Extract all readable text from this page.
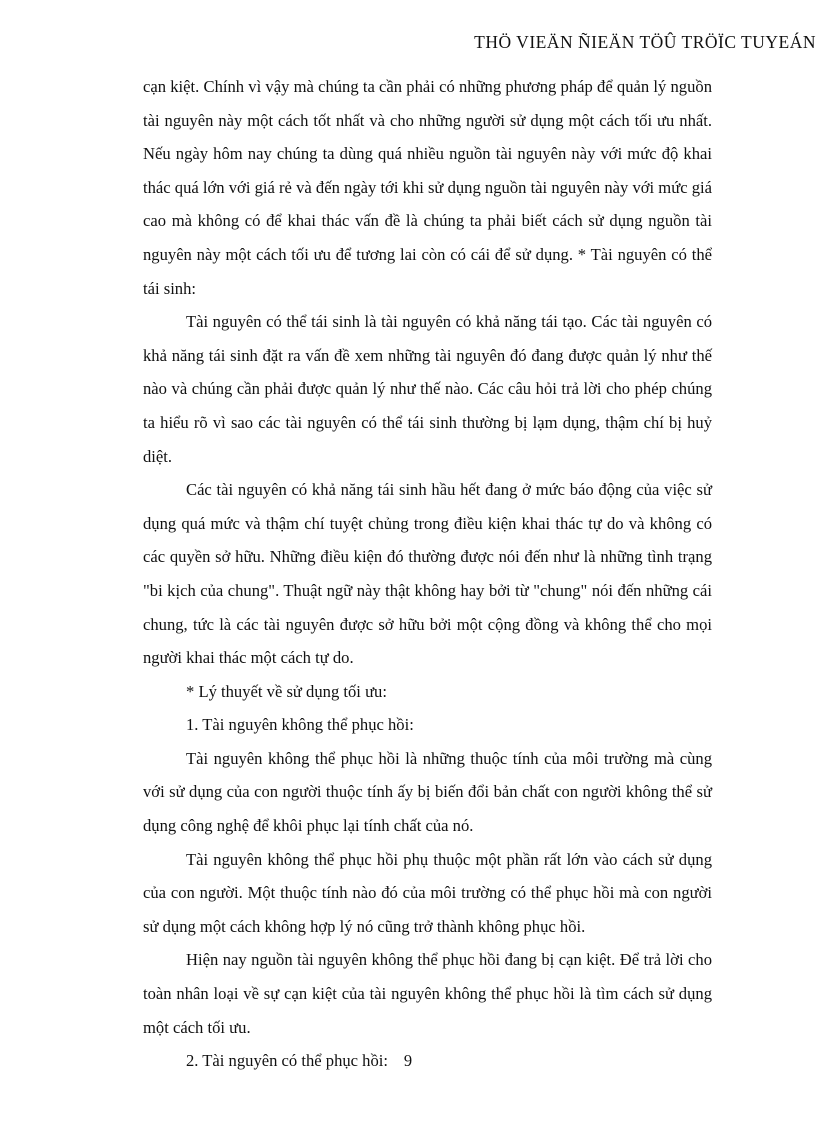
THÖ VIEÄN ÑIEÄN TÖÛ TRÖÏC TUYEÁN

cạn kiệt. Chính vì vậy mà chúng ta cần phải có những phương pháp để quản lý nguồn tài nguyên này một cách tốt nhất và cho những người sử dụng một cách tối ưu nhất. Nếu ngày hôm nay chúng ta dùng quá nhiều nguồn tài nguyên này với mức độ khai thác quá lớn với giá rẻ và đến ngày tới khi sử dụng nguồn tài nguyên này với mức giá cao mà không có để khai thác vấn đề là chúng ta phải biết cách sử dụng nguồn tài nguyên này một cách tối ưu để tương lai còn có cái để sử dụng. * Tài nguyên có thể tái sinh:

Tài nguyên có thể tái sinh là tài nguyên có khả năng tái tạo. Các tài nguyên có khả năng tái sinh đặt ra vấn đề xem những tài nguyên đó đang được quản lý như thế nào và chúng cần phải được quản lý như thế nào. Các câu hỏi trả lời cho phép chúng ta hiểu rõ vì sao các tài nguyên có thể tái sinh thường bị lạm dụng, thậm chí bị huỷ diệt.

Các tài nguyên có khả năng tái sinh hầu hết đang ở mức báo động của việc sử dụng quá mức và thậm chí tuyệt chủng trong điều kiện khai thác tự do và không có các quyền sở hữu. Những điều kiện đó thường được nói đến như là những tình trạng "bi kịch của chung". Thuật ngữ này thật không hay bởi từ "chung" nói đến những cái chung, tức là các tài nguyên được sở hữu bởi một cộng đồng và không thể cho mọi người khai thác một cách tự do.

* Lý thuyết về sử dụng tối ưu:

1. Tài nguyên không thể phục hồi:

Tài nguyên không thể phục hồi là những thuộc tính của môi trường mà cùng với sử dụng của con người thuộc tính ấy bị biến đổi bản chất con người không thể sử dụng công nghệ để khôi phục lại tính chất của nó.

Tài nguyên không thể phục hồi phụ thuộc một phần rất lớn vào cách sử dụng của con người. Một thuộc tính nào đó của môi trường có thể phục hồi mà con người sử dụng một cách không hợp lý nó cũng trở thành không phục hồi.

Hiện nay nguồn tài nguyên không thể phục hồi đang bị cạn kiệt. Để trả lời cho toàn nhân loại về sự cạn kiệt của tài nguyên không thể phục hồi là tìm cách sử dụng một cách tối ưu.

2. Tài nguyên có thể phục hồi: 9
